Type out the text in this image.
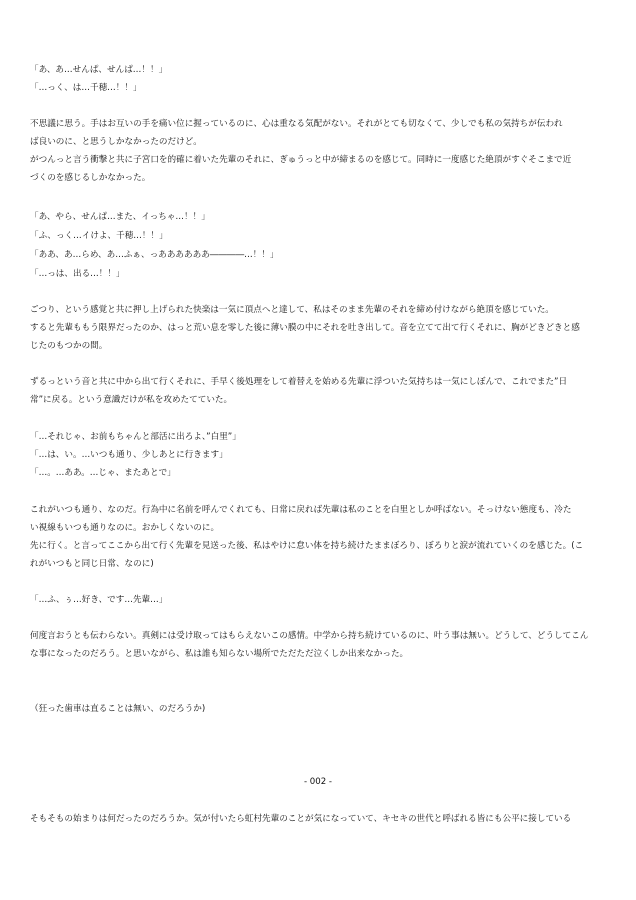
「あ、あ…せんぱ、せんぱ…！！」
「…っく、は…千穂…！！」
不思議に思う。手はお互いの手を痛い位に握っているのに、心は重なる気配がない。それがとても切なくて、少しでも私の気持ちが伝われ
ば良いのに、と思うしかなかったのだけど。
がつんっと言う衝撃と共に子宮口を的確に着いた先輩のそれに、ぎゅうっと中が締まるのを感じて。同時に一度感じた絶頂がすぐそこまで近
づくのを感じるしかなかった。
「あ、やら、せんぱ…また、イっちゃ…！！」
「ふ、っく…イけよ、千穂…！！」
「ああ、あ…らめ、あ…ふぁ、っああああああ――――…！！」
「…っは、出る…！！」
ごつり、という感覚と共に押し上げられた快楽は一気に頂点へと達して、私はそのまま先輩のそれを締め付けながら絶頂を感じていた。
すると先輩ももう限界だったのか、はっと荒い息を零した後に薄い膜の中にそれを吐き出して。音を立てて出て行くそれに、胸がどきどきと感
じたのもつかの間。
ずるっという音と共に中から出て行くそれに、手早く後処理をして着替えを始める先輩に浮ついた気持ちは一気にしぼんで、これでまた”日
常”に戻る。という意識だけが私を攻めたてていた。
「…それじゃ、お前もちゃんと部活に出ろよ、”白里”」
「…は、い。…いつも通り、少しあとに行きます」
「…。…ああ。…じゃ、またあとで」
これがいつも通り、なのだ。行為中に名前を呼んでくれても、日常に戻れば先輩は私のことを白里としか呼ばない。そっけない態度も、冷た
い視線もいつも通りなのに。おかしくないのに。
先に行く。と言ってここから出て行く先輩を見送った後、私はやけに怠い体を持ち続けたままぼろり、ぼろりと涙が流れていくのを感じた。(こ
れがいつもと同じ日常、なのに)
「…ふ、ぅ…好き、です…先輩…」
何度言おうとも伝わらない。真剣には受け取ってはもらえないこの感情。中学から持ち続けているのに、叶う事は無い。どうして、どうしてこん
な事になったのだろう。と思いながら、私は誰も知らない場所でただただ泣くしか出来なかった。
（狂った歯車は直ることは無い、のだろうか)
- 002 -
そもそもの始まりは何だったのだろうか。気が付いたら虹村先輩のことが気になっていて、キセキの世代と呼ばれる皆にも公平に接している
